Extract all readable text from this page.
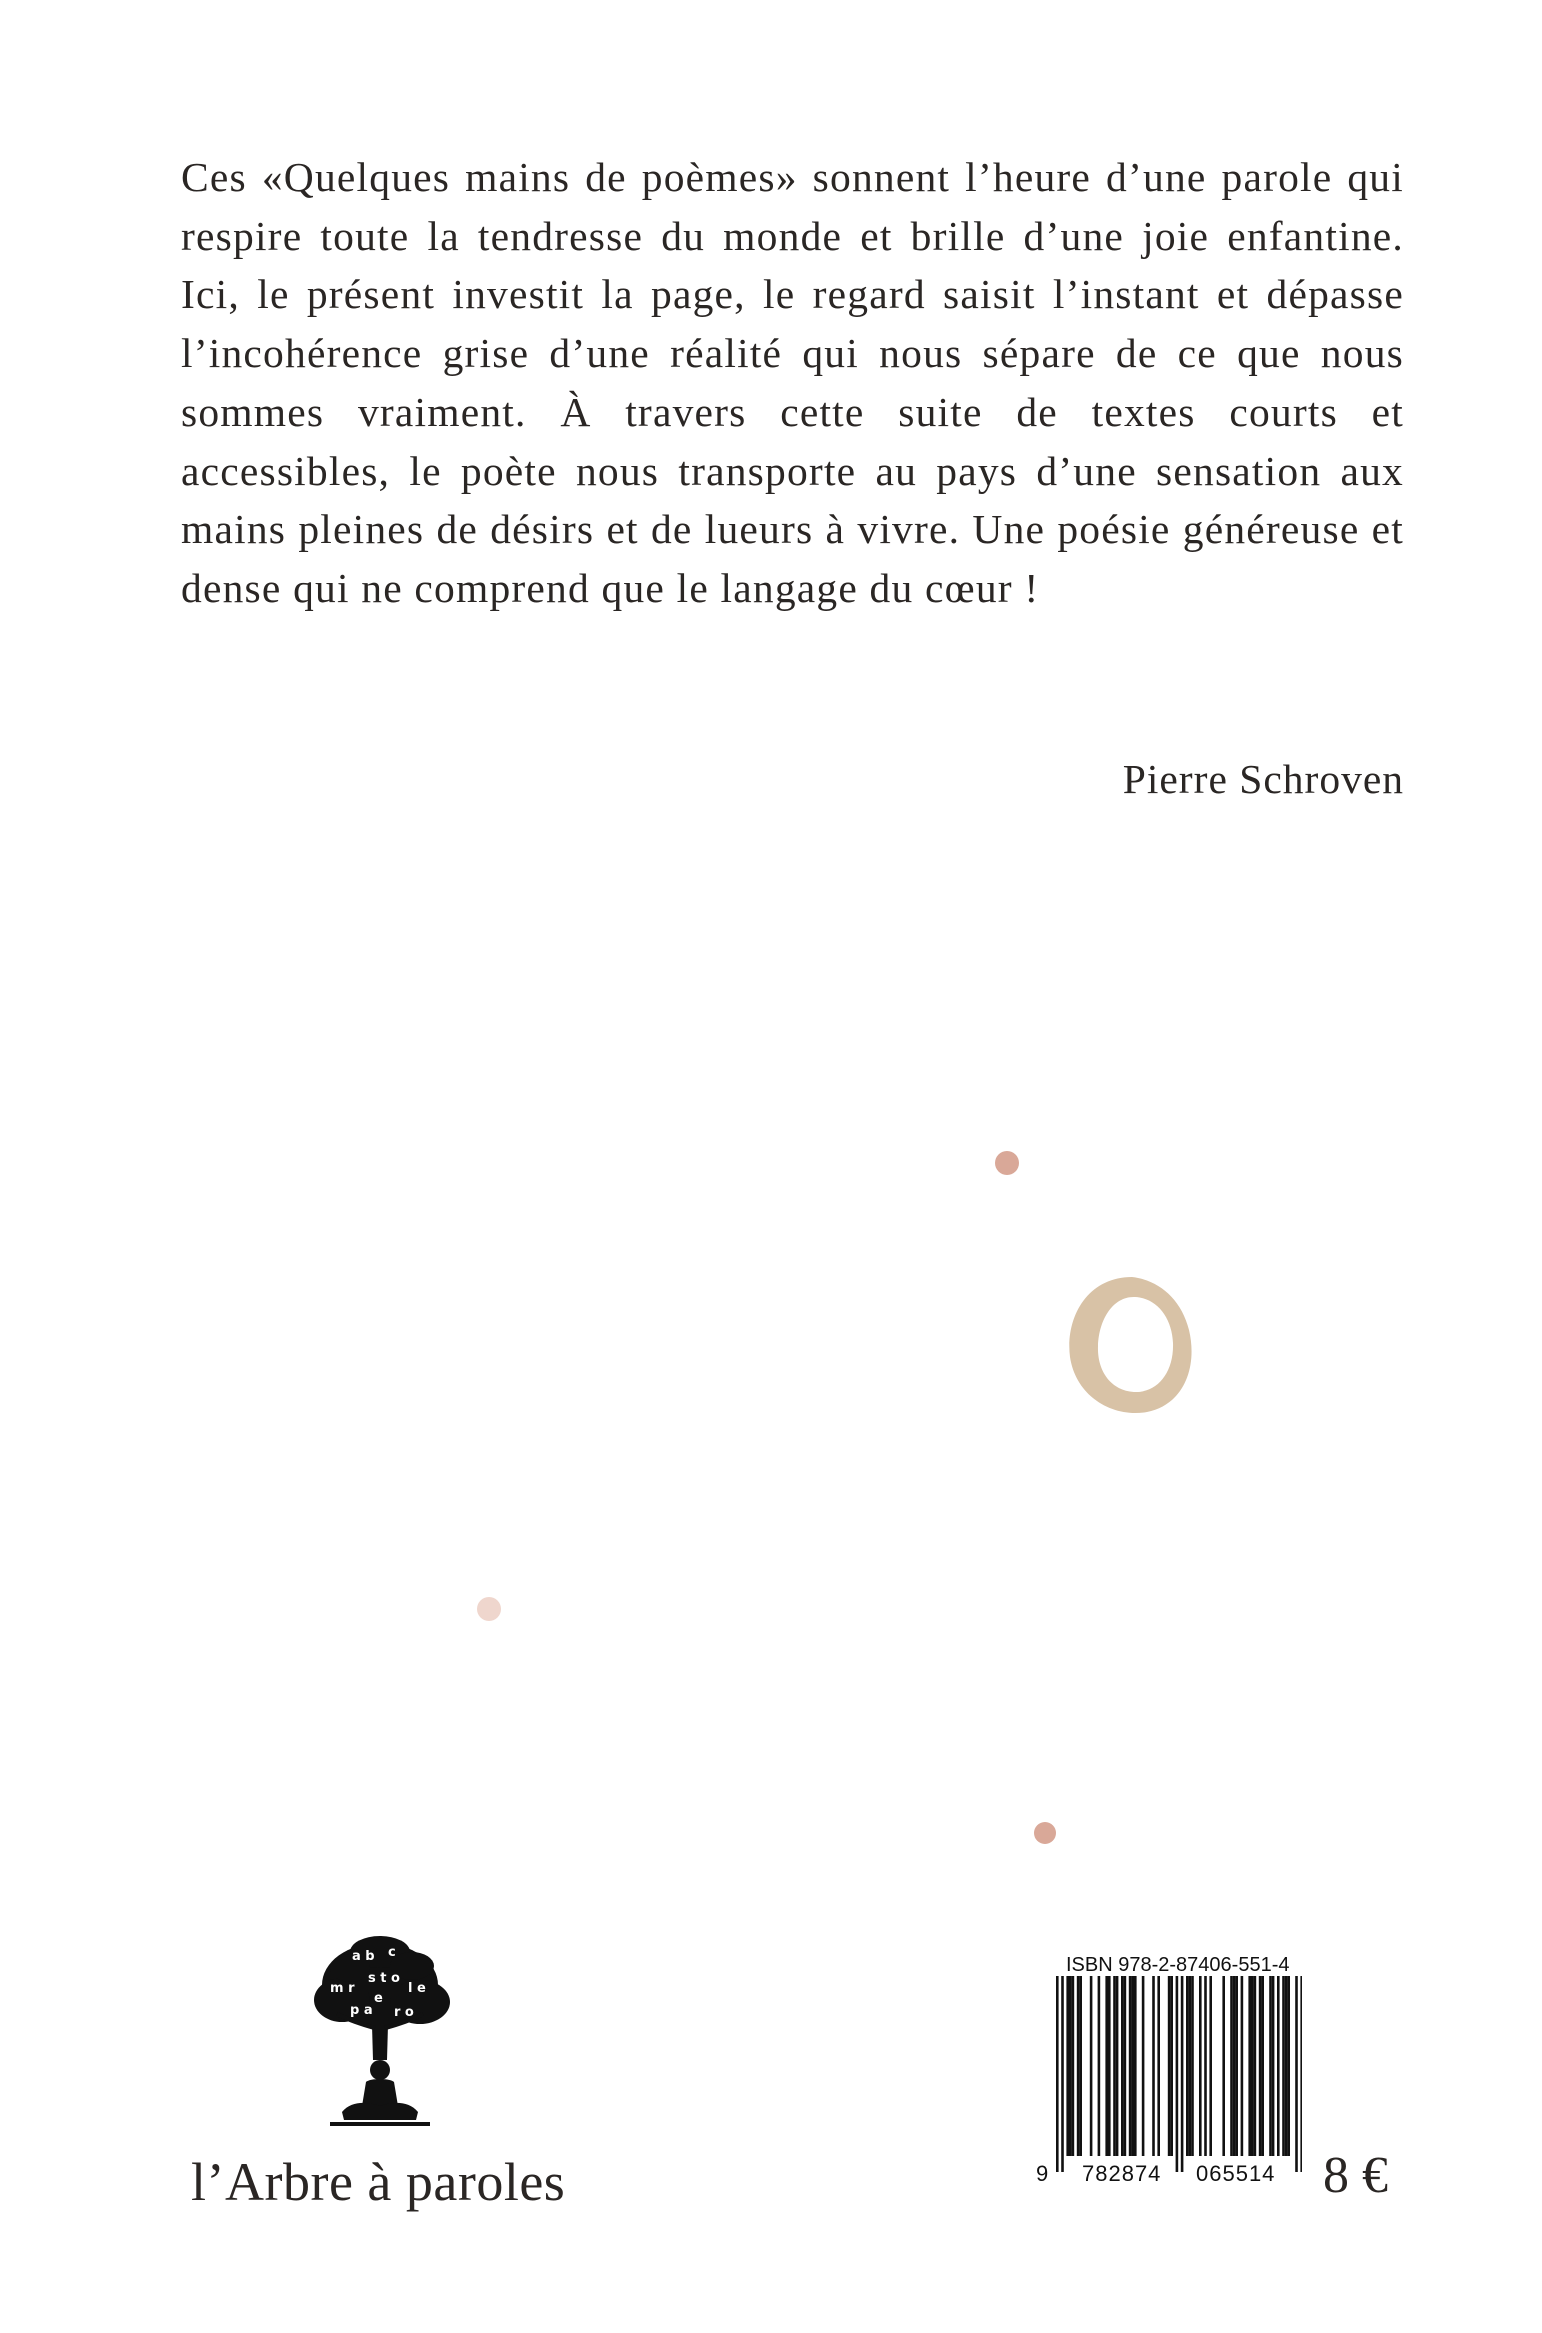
Ces «Quelques mains de poèmes» sonnent l’heure d’une parole qui respire toute la tendresse du monde et brille d’une joie enfantine. Ici, le présent investit la page, le regard saisit l’instant et dépasse l’incohérence grise d’une réalité qui nous sépare de ce que nous sommes vraiment. À travers cette suite de textes courts et accessibles, le poète nous transporte au pays d’une sensation aux mains pleines de désirs et de lueurs à vivre. Une poésie généreuse et dense qui ne comprend que le langage du cœur !

Pierre Schroven
a b c
m r
s t o
l e
p a r o
e
l’Arbre à paroles
ISBN 978-2-87406-551-4
9 782874 065514 8 €
